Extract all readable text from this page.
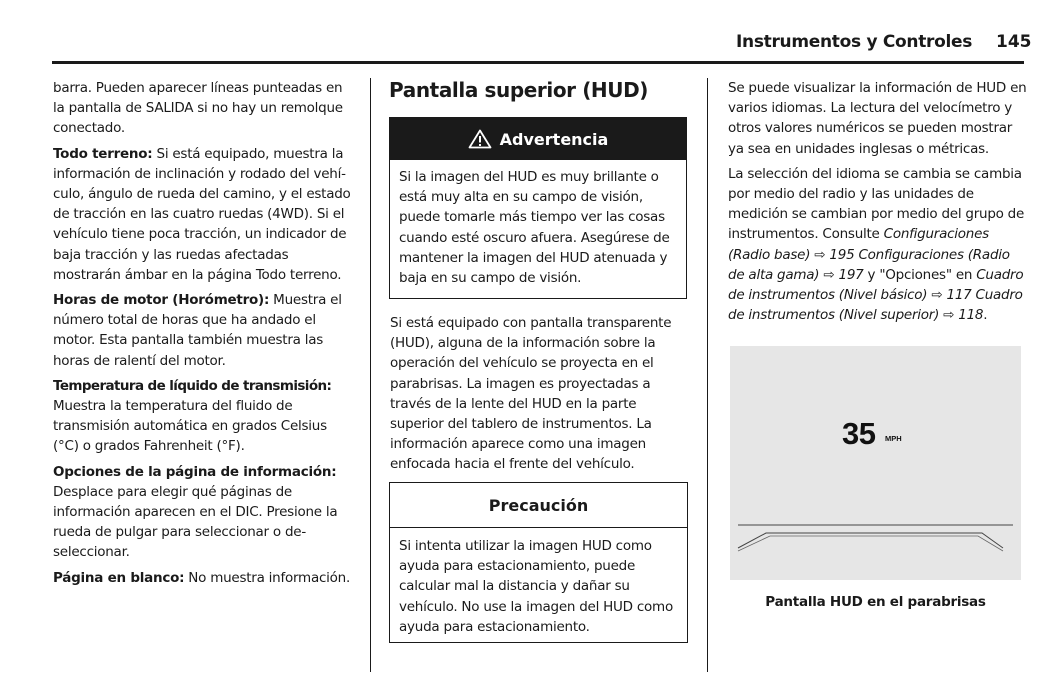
Instrumentos y Controles 145

barra. Pueden aparecer líneas punteadas en la pantalla de SALIDA si no hay un remolque conectado.

Todo terreno: Si está equipado, muestra la información de inclinación y rodado del vehículo, ángulo de rueda del camino, y el estado de tracción en las cuatro ruedas (4WD). Si el vehículo tiene poca tracción, un indicador de baja tracción y las ruedas afectadas mostrarán ámbar en la página Todo terreno.

Horas de motor (Horómetro): Muestra el número total de horas que ha andado el motor. Esta pantalla también muestra las horas de ralentí del motor.

Temperatura de líquido de transmisión: Muestra la temperatura del fluido de transmisión automática en grados Celsius (°C) o grados Fahrenheit (°F).

Opciones de la página de información: Desplace para elegir qué páginas de información aparecen en el DIC. Presione la rueda de pulgar para seleccionar o de-seleccionar.

Página en blanco: No muestra información.

Pantalla superior (HUD)
Advertencia
Si la imagen del HUD es muy brillante o está muy alta en su campo de visión, puede tomarle más tiempo ver las cosas cuando esté oscuro afuera. Asegúrese de mantener la imagen del HUD atenuada y baja en su campo de visión.

Si está equipado con pantalla transparente (HUD), alguna de la información sobre la operación del vehículo se proyecta en el parabrisas. La imagen es proyectadas a través de la lente del HUD en la parte superior del tablero de instrumentos. La información aparece como una imagen enfocada hacia el frente del vehículo.

Precaución
Si intenta utilizar la imagen HUD como ayuda para estacionamiento, puede calcular mal la distancia y dañar su vehículo. No use la imagen del HUD como ayuda para estacionamiento.

Se puede visualizar la información de HUD en varios idiomas. La lectura del velocímetro y otros valores numéricos se pueden mostrar ya sea en unidades inglesas o métricas.

La selección del idioma se cambia se cambia por medio del radio y las unidades de medición se cambian por medio del grupo de instrumentos. Consulte Configuraciones (Radio base) ⇨ 195 Configuraciones (Radio de alta gama) ⇨ 197 y "Opciones" en Cuadro de instrumentos (Nivel básico) ⇨ 117 Cuadro de instrumentos (Nivel superior) ⇨ 118.

35 MPH
Pantalla HUD en el parabrisas
